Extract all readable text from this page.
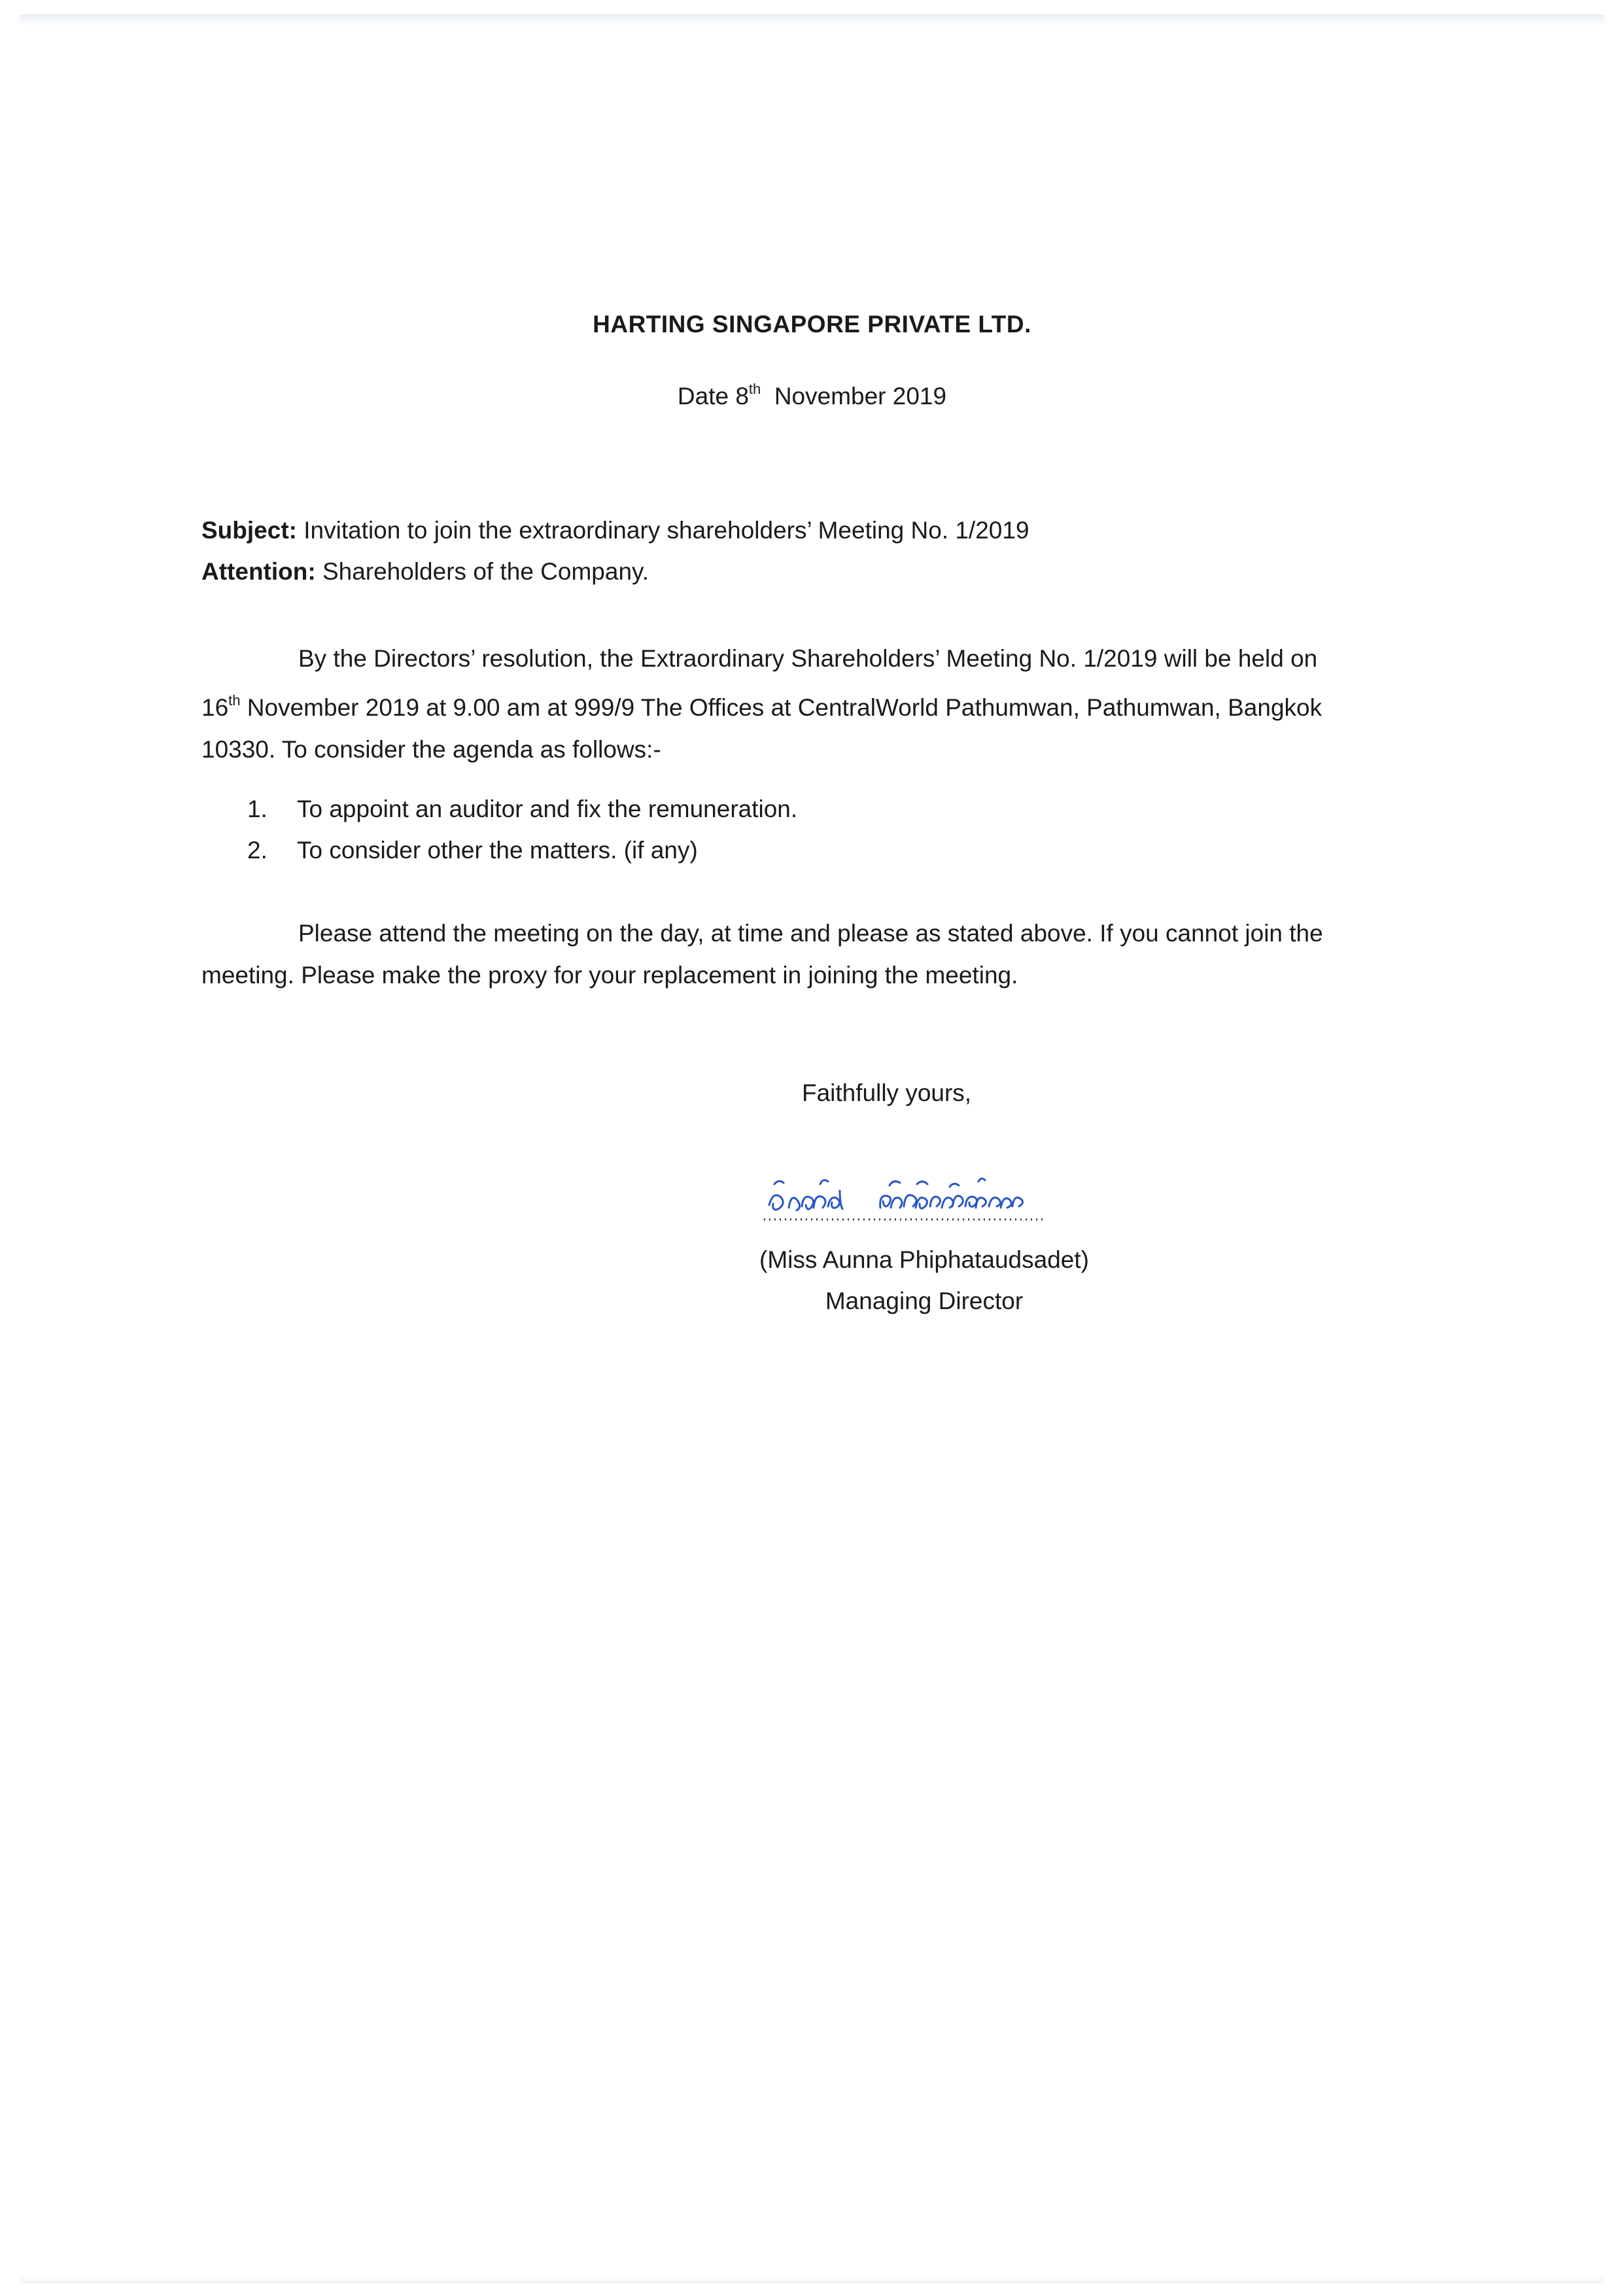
HARTING SINGAPORE PRIVATE LTD.
Date 8th November 2019
Subject: Invitation to join the extraordinary shareholders’ Meeting No. 1/2019
Attention: Shareholders of the Company.
By the Directors’ resolution, the Extraordinary Shareholders’ Meeting No. 1/2019 will be held on
16th November 2019 at 9.00 am at 999/9 The Offices at CentralWorld Pathumwan, Pathumwan, Bangkok
10330. To consider the agenda as follows:-
1.	To appoint an auditor and fix the remuneration.
2.	To consider other the matters. (if any)
Please attend the meeting on the day, at time and please as stated above. If you cannot join the
meeting. Please make the proxy for your replacement in joining the meeting.
Faithfully yours,
(Miss Aunna Phiphataudsadet)
Managing Director
